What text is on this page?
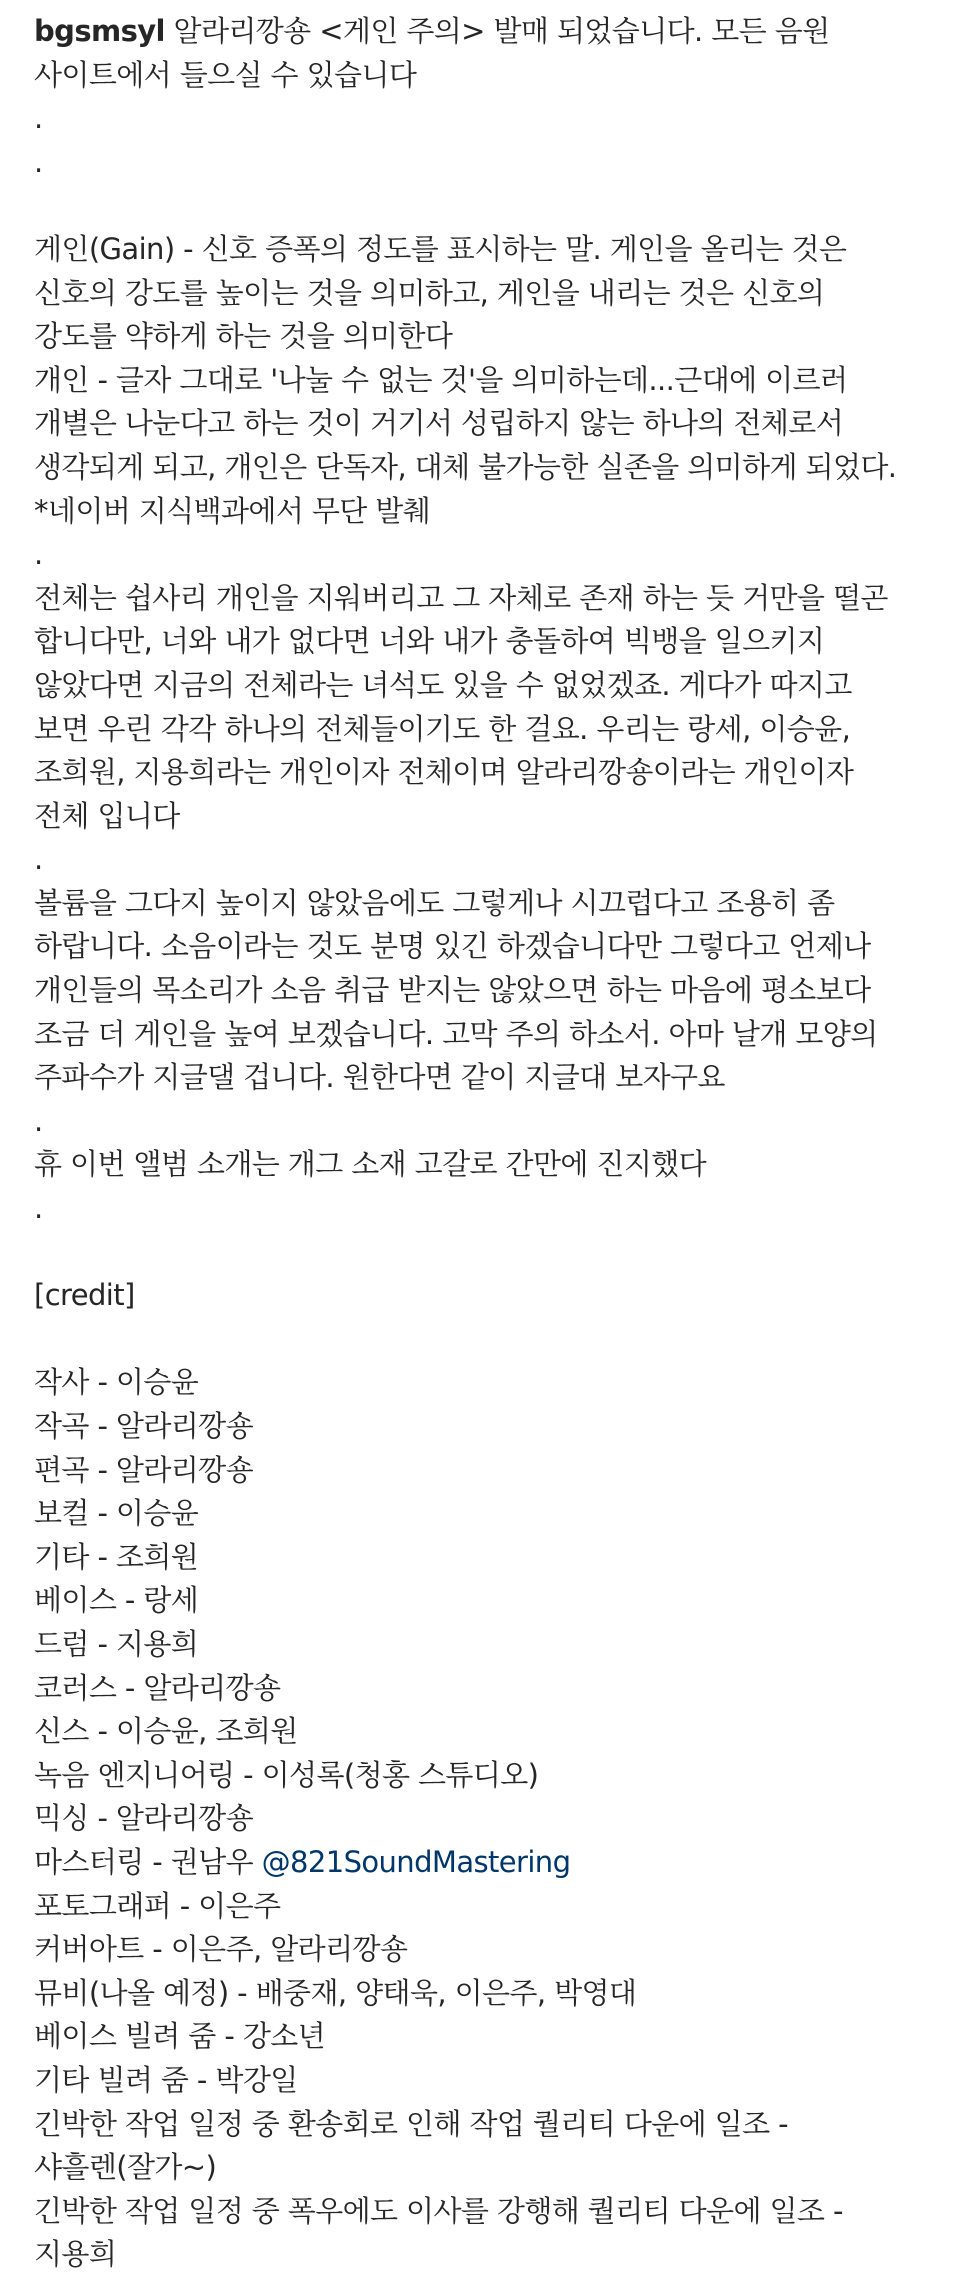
bgsmsyl 알라리깡숑 <게인 주의> 발매 되었습니다. 모든 음원
사이트에서 들으실 수 있습니다
.
.
게인(Gain) - 신호 증폭의 정도를 표시하는 말. 게인을 올리는 것은
신호의 강도를 높이는 것을 의미하고, 게인을 내리는 것은 신호의
강도를 약하게 하는 것을 의미한다
개인 - 글자 그대로 '나눌 수 없는 것'을 의미하는데...근대에 이르러
개별은 나눈다고 하는 것이 거기서 성립하지 않는 하나의 전체로서
생각되게 되고, 개인은 단독자, 대체 불가능한 실존을 의미하게 되었다.
*네이버 지식백과에서 무단 발췌
.
전체는 쉽사리 개인을 지워버리고 그 자체로 존재 하는 듯 거만을 떨곤
합니다만, 너와 내가 없다면 너와 내가 충돌하여 빅뱅을 일으키지
않았다면 지금의 전체라는 녀석도 있을 수 없었겠죠. 게다가 따지고
보면 우린 각각 하나의 전체들이기도 한 걸요. 우리는 랑세, 이승윤,
조희원, 지용희라는 개인이자 전체이며 알라리깡숑이라는 개인이자
전체 입니다
.
볼륨을 그다지 높이지 않았음에도 그렇게나 시끄럽다고 조용히 좀
하랍니다. 소음이라는 것도 분명 있긴 하겠습니다만 그렇다고 언제나
개인들의 목소리가 소음 취급 받지는 않았으면 하는 마음에 평소보다
조금 더 게인을 높여 보겠습니다. 고막 주의 하소서. 아마 날개 모양의
주파수가 지글댈 겁니다. 원한다면 같이 지글대 보자구요
.
휴 이번 앨범 소개는 개그 소재 고갈로 간만에 진지했다
.
[credit]
작사 - 이승윤
작곡 - 알라리깡숑
편곡 - 알라리깡숑
보컬 - 이승윤
기타 - 조희원
베이스 - 랑세
드럼 - 지용희
코러스 - 알라리깡숑
신스 - 이승윤, 조희원
녹음 엔지니어링 - 이성록(청홍 스튜디오)
믹싱 - 알라리깡숑
마스터링 - 권남우 @821SoundMastering
포토그래퍼 - 이은주
커버아트 - 이은주, 알라리깡숑
뮤비(나올 예정) - 배중재, 양태욱, 이은주, 박영대
베이스 빌려 줌 - 강소년
기타 빌려 줌 - 박강일
긴박한 작업 일정 중 환송회로 인해 작업 퀄리티 다운에 일조 -
샤흘렌(잘가~)
긴박한 작업 일정 중 폭우에도 이사를 강행해 퀄리티 다운에 일조 -
지용희
